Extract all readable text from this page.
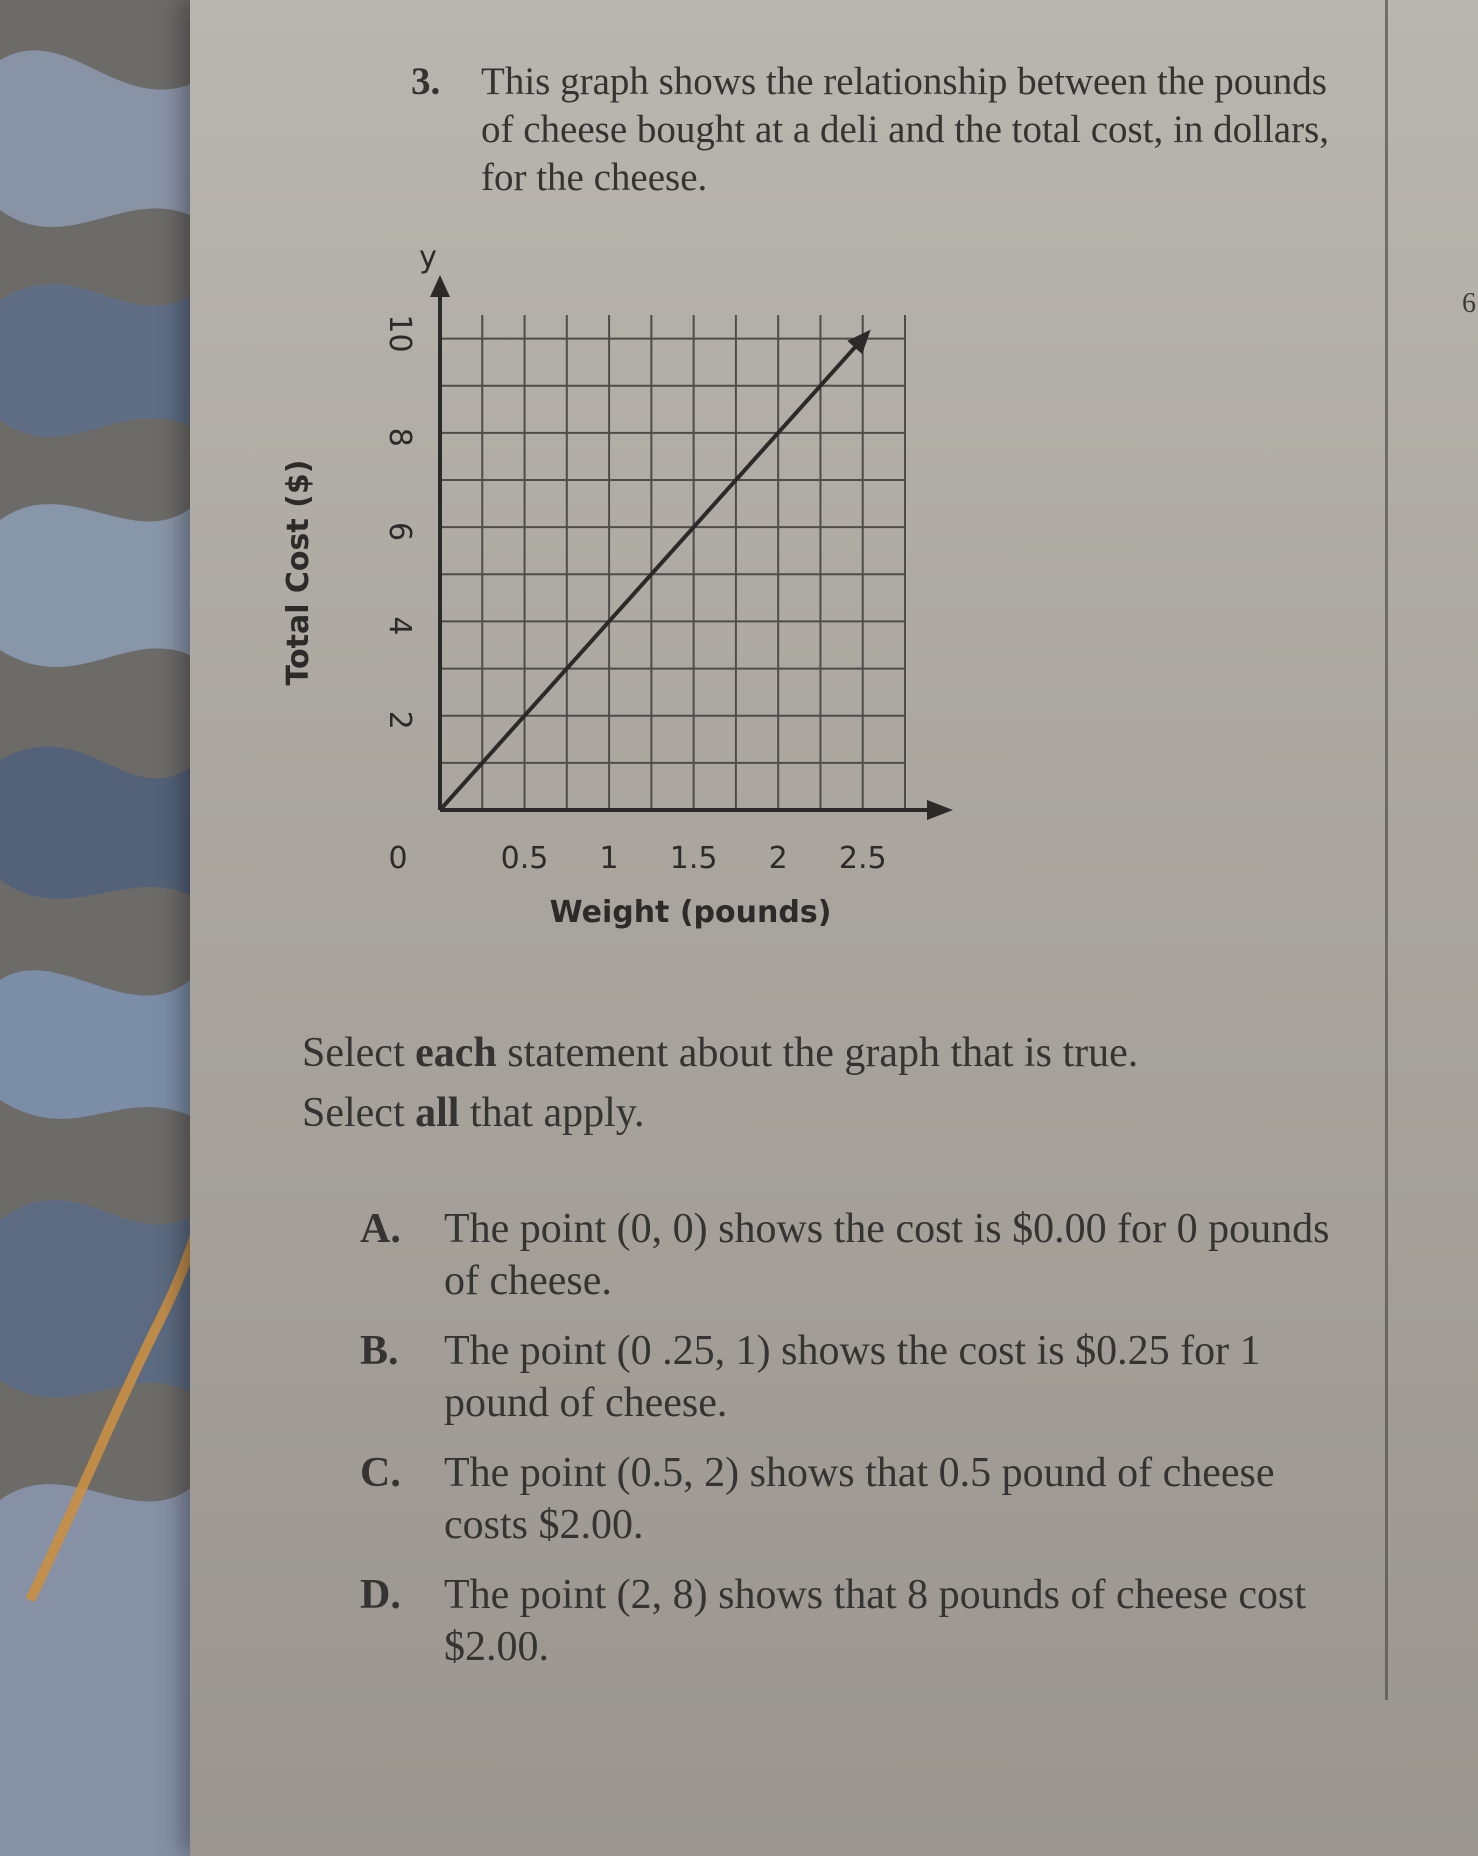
6
3. This graph shows the relationship between the pounds of cheese bought at a deli and the total cost, in dollars, for the cheese.
0	0.5 1 1.5 2 2.5
2
4
6
8
10
y
Weight (pounds)
Total Cost ($)
Select each statement about the graph that is true.
Select all that apply.
A. The point (0, 0) shows the cost is $0.00 for 0 pounds of cheese.
B. The point (0 .25, 1) shows the cost is $0.25 for 1 pound of cheese.
C. The point (0.5, 2) shows that 0.5 pound of cheese costs $2.00.
D. The point (2, 8) shows that 8 pounds of cheese cost $2.00.
